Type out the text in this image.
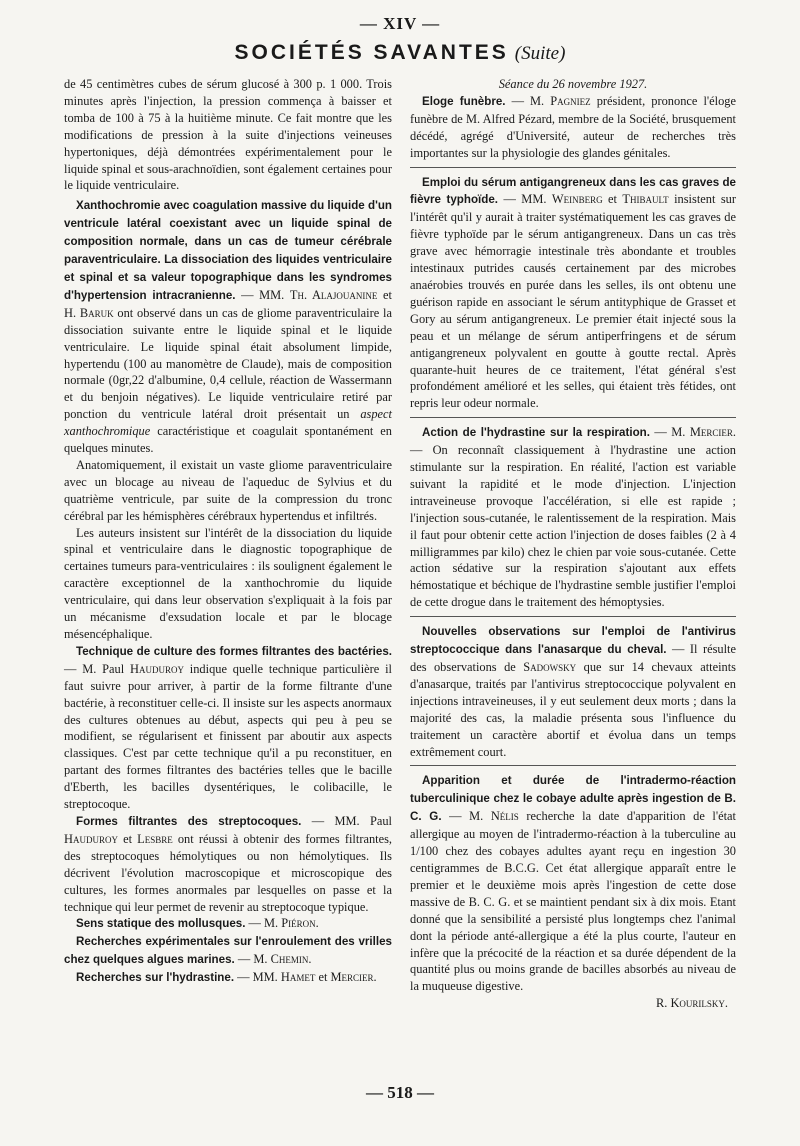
— XIV —
SOCIÉTÉS SAVANTES (Suite)

de 45 centimètres cubes de sérum glucosé à 300 p. 1 000. Trois minutes après l'injection, la pression commença à baisser et tomba de 100 à 75 à la huitième minute. Ce fait montre que les modifications de pression à la suite d'injections veineuses hypertoniques, déjà démontrées expérimentalement pour le liquide spinal et sous-arachnoïdien, sont également certaines pour le liquide ventriculaire.

Xanthochromie avec coagulation massive du liquide d'un ventricule latéral coexistant avec un liquide spinal de composition normale, dans un cas de tumeur cérébrale paraventriculaire. La dissociation des liquides ventriculaire et spinal et sa valeur topographique dans les syndromes d'hypertension intracranienne. — MM. Th. Alajouanine et H. Baruk ont observé dans un cas de gliome paraventriculaire la dissociation suivante entre le liquide spinal et le liquide ventriculaire. Le liquide spinal était absolument limpide, hypertendu (100 au manomètre de Claude), mais de composition normale (0gr,22 d'albumine, 0,4 cellule, réaction de Wassermann et du benjoin négatives). Le liquide ventriculaire retiré par ponction du ventricule latéral droit présentait un aspect xanthochromique caractéristique et coagulait spontanément en quelques minutes.

Anatomiquement, il existait un vaste gliome paraventriculaire avec un blocage au niveau de l'aqueduc de Sylvius et du quatrième ventricule, par suite de la compression du tronc cérébral par les hémisphères cérébraux hypertendus et infiltrés.

Les auteurs insistent sur l'intérêt de la dissociation du liquide spinal et ventriculaire dans le diagnostic topographique de certaines tumeurs para-ventriculaires : ils soulignent également le caractère exceptionnel de la xanthochromie du liquide ventriculaire, qui dans leur observation s'expliquait à la fois par un mécanisme d'exsudation locale et par le blocage mésencéphalique.

Technique de culture des formes filtrantes des bactéries. — M. Paul Hauduroy indique quelle technique particulière il faut suivre pour arriver, à partir de la forme filtrante d'une bactérie, à reconstituer celle-ci. Il insiste sur les aspects anormaux des cultures obtenues au début, aspects qui peu à peu se modifient, se régularisent et finissent par aboutir aux aspects classiques. C'est par cette technique qu'il a pu reconstituer, en partant des formes filtrantes des bactéries telles que le bacille d'Eberth, les bacilles dysentériques, le colibacille, le streptocoque.

Formes filtrantes des streptocoques. — MM. Paul Hauduroy et Lesbre ont réussi à obtenir des formes filtrantes, des streptocoques hémolytiques ou non hémolytiques. Ils décrivent l'évolution macroscopique et microscopique des cultures, les formes anormales par lesquelles on passe et la technique qui leur permet de revenir au streptocoque typique.

Sens statique des mollusques. — M. Piéron.

Recherches expérimentales sur l'enroulement des vrilles chez quelques algues marines. — M. Chemin.

Recherches sur l'hydrastine. — MM. Hamet et Mercier.

Séance du 26 novembre 1927.

Eloge funèbre. — M. Pagniez président, prononce l'éloge funèbre de M. Alfred Pézard, membre de la Société, brusquement décédé, agrégé d'Université, auteur de recherches très importantes sur la physiologie des glandes génitales.

Emploi du sérum antigangreneux dans les cas graves de fièvre typhoïde. — MM. Weinberg et Thibault insistent sur l'intérêt qu'il y aurait à traiter systématiquement les cas graves de fièvre typhoïde par le sérum antigangreneux. Dans un cas très grave avec hémorragie intestinale très abondante et troubles intestinaux putrides causés certainement par des microbes anaérobies trouvés en purée dans les selles, ils ont obtenu une guérison rapide en associant le sérum antityphique de Grasset et Gory au sérum antigangreneux. Le premier était injecté sous la peau et un mélange de sérum antiperfringens et de sérum antigangreneux polyvalent en goutte à goutte rectal. Après quarante-huit heures de ce traitement, l'état général s'est profondément amélioré et les selles, qui étaient très fétides, ont repris leur odeur normale.

Action de l'hydrastine sur la respiration. — M. Mercier. — On reconnaît classiquement à l'hydrastine une action stimulante sur la respiration. En réalité, l'action est variable suivant la rapidité et le mode d'injection. L'injection intraveineuse provoque l'accélération, si elle est rapide ; l'injection sous-cutanée, le ralentissement de la respiration. Mais il faut pour obtenir cette action l'injection de doses faibles (2 à 4 milligrammes par kilo) chez le chien par voie sous-cutanée. Cette action sédative sur la respiration s'ajoutant aux effets hémostatique et béchique de l'hydrastine semble justifier l'emploi de cette drogue dans le traitement des hémoptysies.

Nouvelles observations sur l'emploi de l'antivirus streptococcique dans l'anasarque du cheval. — Il résulte des observations de Sadowsky que sur 14 chevaux atteints d'anasarque, traités par l'antivirus streptococcique polyvalent en injections intraveineuses, il y eut seulement deux morts ; dans la majorité des cas, la maladie présenta sous l'influence du traitement un caractère abortif et évolua dans un temps extrêmement court.

Apparition et durée de l'intradermo-réaction tuberculinique chez le cobaye adulte après ingestion de B. C. G. — M. Nélis recherche la date d'apparition de l'état allergique au moyen de l'intradermo-réaction à la tuberculine au 1/100 chez des cobayes adultes ayant reçu en ingestion 30 centigrammes de B.C.G. Cet état allergique apparaît entre le premier et le deuxième mois après l'ingestion de cette dose massive de B. C. G. et se maintient pendant six à dix mois. Etant donné que la sensibilité a persisté plus longtemps chez l'animal dont la période anté-allergique a été la plus courte, l'auteur en infère que la précocité de la réaction et sa durée dépendent de la quantité plus ou moins grande de bacilles absorbés au niveau de la muqueuse digestive.

R. Kourilsky.

— 518 —
